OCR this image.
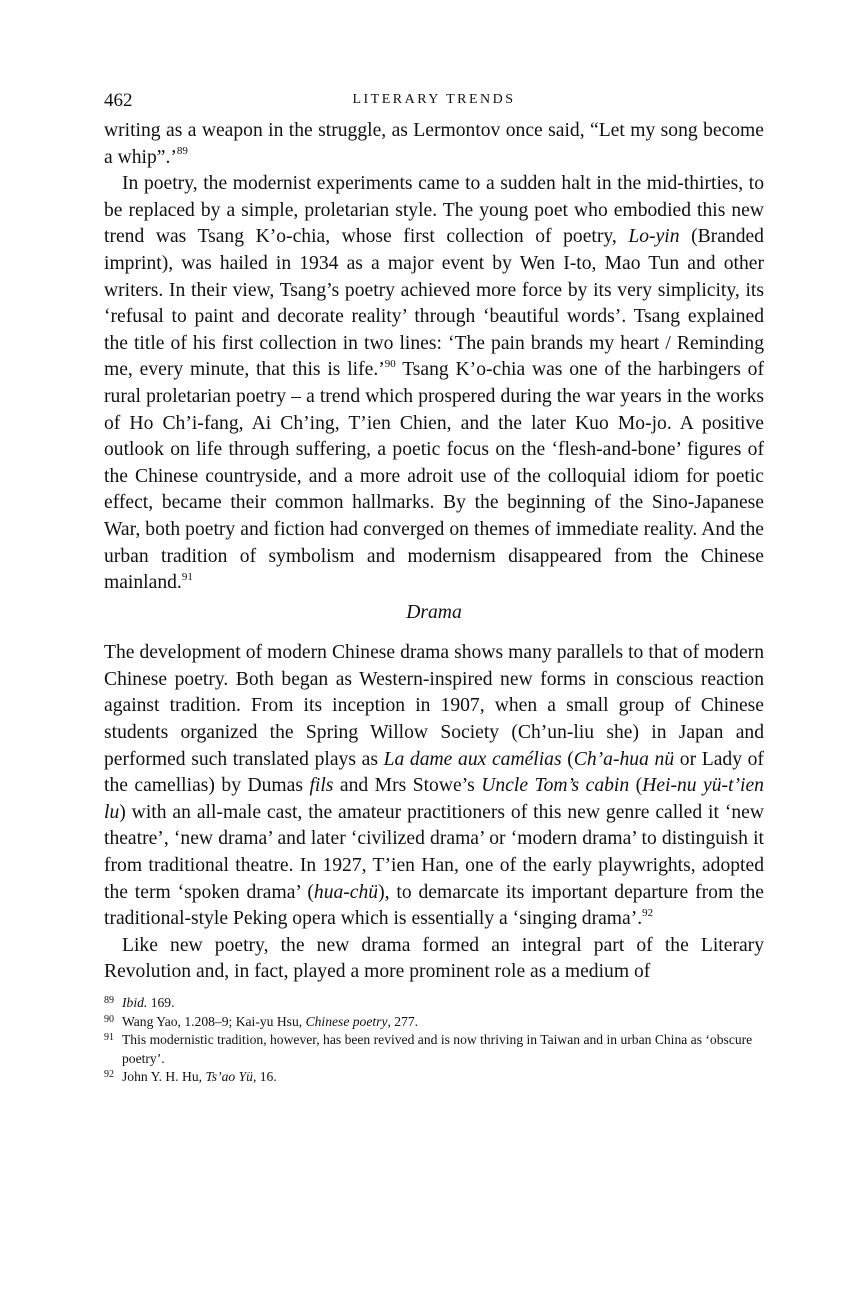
462	LITERARY TRENDS

writing as a weapon in the struggle, as Lermontov once said, “Let my song become a whip”.’$^{89}$

In poetry, the modernist experiments came to a sudden halt in the mid-thirties, to be replaced by a simple, proletarian style. The young poet who embodied this new trend was Tsang K’o-chia, whose first collection of poetry, Lo-yin (Branded imprint), was hailed in 1934 as a major event by Wen I-to, Mao Tun and other writers. In their view, Tsang’s poetry achieved more force by its very simplicity, its ‘refusal to paint and decorate reality’ through ‘beautiful words’. Tsang explained the title of his first collection in two lines: ‘The pain brands my heart / Reminding me, every minute, that this is life.’$^{90}$ Tsang K’o-chia was one of the harbingers of rural proletarian poetry – a trend which prospered during the war years in the works of Ho Ch’i-fang, Ai Ch’ing, T’ien Chien, and the later Kuo Mo-jo. A positive outlook on life through suffering, a poetic focus on the ‘flesh-and-bone’ figures of the Chinese countryside, and a more adroit use of the colloquial idiom for poetic effect, became their common hallmarks. By the beginning of the Sino-Japanese War, both poetry and fiction had converged on themes of immediate reality. And the urban tradition of symbolism and modernism disappeared from the Chinese mainland.$^{91}$

Drama

The development of modern Chinese drama shows many parallels to that of modern Chinese poetry. Both began as Western-inspired new forms in conscious reaction against tradition. From its inception in 1907, when a small group of Chinese students organized the Spring Willow Society (Ch’un-liu she) in Japan and performed such translated plays as La dame aux camélias (Ch’a-hua nü or Lady of the camellias) by Dumas fils and Mrs Stowe’s Uncle Tom’s cabin (Hei-nu yü-t’ien lu) with an all-male cast, the amateur practitioners of this new genre called it ‘new theatre’, ‘new drama’ and later ‘civilized drama’ or ‘modern drama’ to distinguish it from traditional theatre. In 1927, T’ien Han, one of the early playwrights, adopted the term ‘spoken drama’ (hua-chü), to demarcate its important departure from the traditional-style Peking opera which is essentially a ‘singing drama’.$^{92}$

Like new poetry, the new drama formed an integral part of the Literary Revolution and, in fact, played a more prominent role as a medium of

89 Ibid. 169.
90 Wang Yao, 1.208–9; Kai-yu Hsu, Chinese poetry, 277.
91 This modernistic tradition, however, has been revived and is now thriving in Taiwan and in urban China as ‘obscure poetry’.
92 John Y. H. Hu, Ts’ao Yü, 16.
